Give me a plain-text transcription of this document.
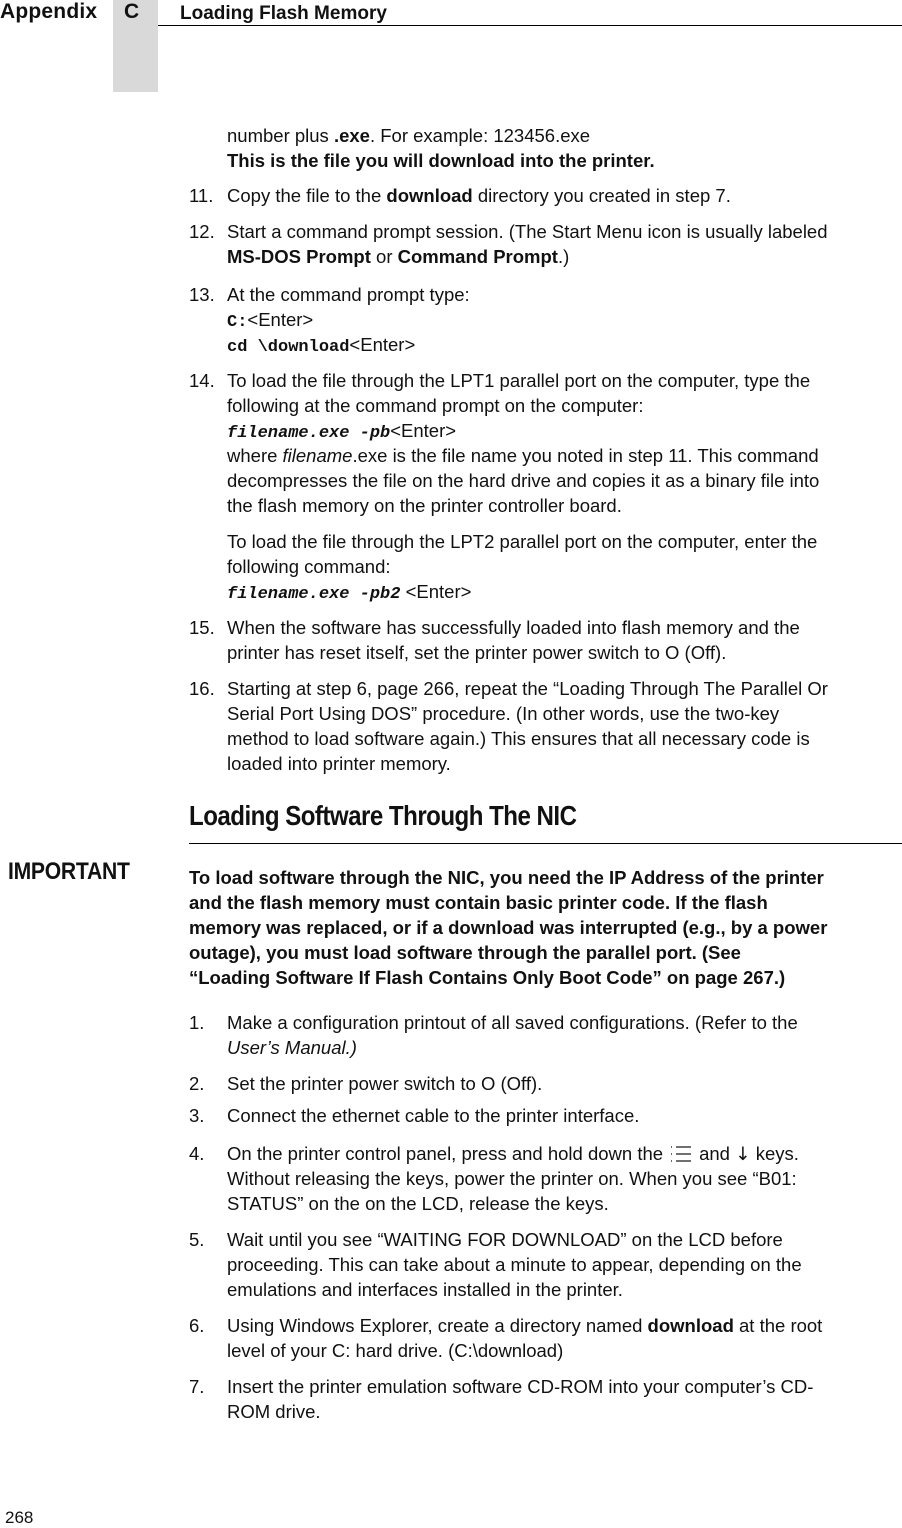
Appendix C Loading Flash Memory
number plus .exe. For example: 123456.exe
This is the file you will download into the printer.
11. Copy the file to the download directory you created in step 7.
12. Start a command prompt session. (The Start Menu icon is usually labeled
MS-DOS Prompt or Command Prompt.)
13. At the command prompt type:
C:<Enter>
cd \download<Enter>
14. To load the file through the LPT1 parallel port on the computer, type the
following at the command prompt on the computer:
filename.exe -pb<Enter>
where filename.exe is the file name you noted in step 11. This command
decompresses the file on the hard drive and copies it as a binary file into
the flash memory on the printer controller board.
To load the file through the LPT2 parallel port on the computer, enter the
following command:
filename.exe -pb2 <Enter>
15. When the software has successfully loaded into flash memory and the
printer has reset itself, set the printer power switch to O (Off).
16. Starting at step 6, page 266, repeat the “Loading Through The Parallel Or
Serial Port Using DOS” procedure. (In other words, use the two-key
method to load software again.) This ensures that all necessary code is
loaded into printer memory.
Loading Software Through The NIC
IMPORTANT	To load software through the NIC, you need the IP Address of the printer
and the flash memory must contain basic printer code. If the flash
memory was replaced, or if a download was interrupted (e.g., by a power
outage), you must load software through the parallel port. (See
“Loading Software If Flash Contains Only Boot Code” on page 267.)
1. Make a configuration printout of all saved configurations. (Refer to the
User’s Manual.)
2. Set the printer power switch to O (Off).
3. Connect the ethernet cable to the printer interface.
4. On the printer control panel, press and hold down the and ↓ keys.
Without releasing the keys, power the printer on. When you see “B01:
STATUS” on the on the LCD, release the keys.
5. Wait until you see “WAITING FOR DOWNLOAD” on the LCD before
proceeding. This can take about a minute to appear, depending on the
emulations and interfaces installed in the printer.
6. Using Windows Explorer, create a directory named download at the root
level of your C: hard drive. (C:\download)
7. Insert the printer emulation software CD-ROM into your computer’s CD-
ROM drive.
268
